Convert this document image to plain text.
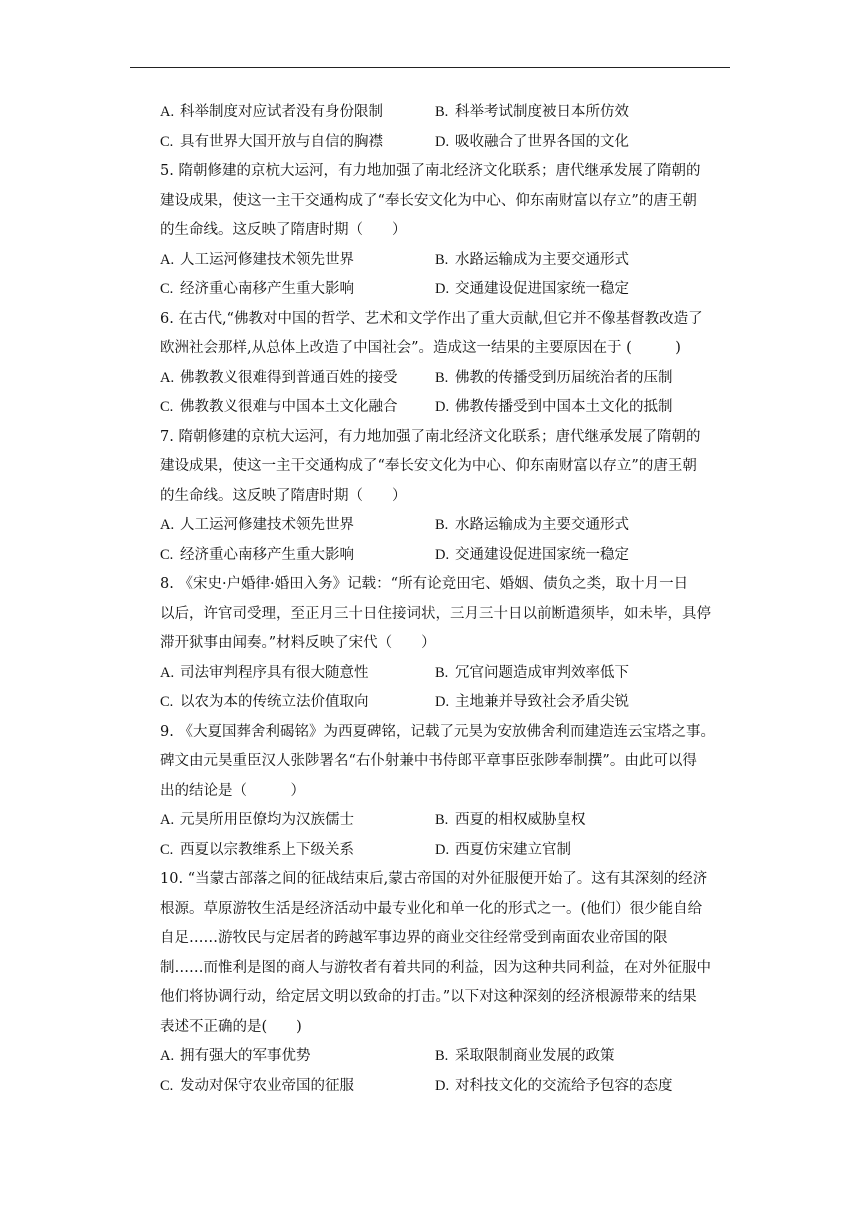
A. 科举制度对应试者没有身份限制	B. 科举考试制度被日本所仿效
C. 具有世界大国开放与自信的胸襟	D. 吸收融合了世界各国的文化
5. 隋朝修建的京杭大运河，有力地加强了南北经济文化联系；唐代继承发展了隋朝的
建设成果，使这一主干交通构成了“奉长安文化为中心、仰东南财富以存立”的唐王朝
的生命线。这反映了隋唐时期（　　）
A. 人工运河修建技术领先世界	B. 水路运输成为主要交通形式
C. 经济重心南移产生重大影响	D. 交通建设促进国家统一稳定
6. 在古代,“佛教对中国的哲学、艺术和文学作出了重大贡献,但它并不像基督教改造了
欧洲社会那样,从总体上改造了中国社会”。造成这一结果的主要原因在于 (　　　)
A. 佛教教义很难得到普通百姓的接受	B. 佛教的传播受到历届统治者的压制
C. 佛教教义很难与中国本土文化融合	D. 佛教传播受到中国本土文化的抵制
7. 隋朝修建的京杭大运河，有力地加强了南北经济文化联系；唐代继承发展了隋朝的
建设成果，使这一主干交通构成了“奉长安文化为中心、仰东南财富以存立”的唐王朝
的生命线。这反映了隋唐时期（　　）
A. 人工运河修建技术领先世界	B. 水路运输成为主要交通形式
C. 经济重心南移产生重大影响	D. 交通建设促进国家统一稳定
8. 《宋史·户婚律·婚田入务》记载：“所有论竞田宅、婚姻、债负之类，取十月一日
以后，许官司受理，至正月三十日住接词状，三月三十日以前断遣须毕，如未毕，具停
滞开狱事由闻奏。”材料反映了宋代（　　）
A. 司法审判程序具有很大随意性	B. 冗官问题造成审判效率低下
C. 以农为本的传统立法价值取向	D. 主地兼并导致社会矛盾尖锐
9. 《大夏国葬舍利碣铭》为西夏碑铭，记载了元昊为安放佛舍利而建造连云宝塔之事。
碑文由元昊重臣汉人张陟署名“右仆射兼中书侍郎平章事臣张陟奉制撰”。由此可以得
出的结论是（　　　）
A. 元昊所用臣僚均为汉族儒士	B. 西夏的相权威胁皇权
C. 西夏以宗教维系上下级关系	D. 西夏仿宋建立官制
10. “当蒙古部落之间的征战结束后,蒙古帝国的对外征服便开始了。这有其深刻的经济
根源。草原游牧生活是经济活动中最专业化和单一化的形式之一。(他们）很少能自给
自足……游牧民与定居者的跨越军事边界的商业交往经常受到南面农业帝国的限
制……而惟利是图的商人与游牧者有着共同的利益，因为这种共同利益，在对外征服中
他们将协调行动，给定居文明以致命的打击。”以下对这种深刻的经济根源带来的结果
表述不正确的是(　　)
A. 拥有强大的军事优势	B. 采取限制商业发展的政策
C. 发动对保守农业帝国的征服	D. 对科技文化的交流给予包容的态度
